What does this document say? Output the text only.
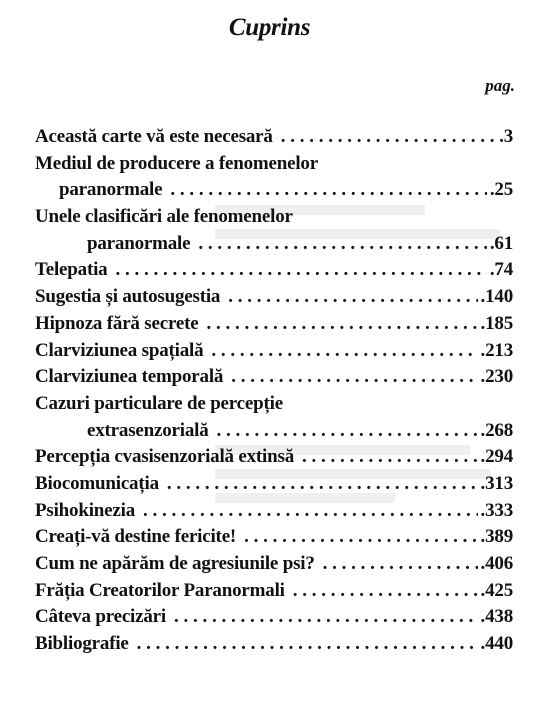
Cuprins
pag.
Această carte vă este necesară . . .	.3
Mediul de producere a fenomenelor
paranormale . . .	.25
Unele clasificări ale fenomenelor
paranormale . . .	.61
Telepatia . . .	.74
Sugestia și autosugestia . . .	.140
Hipnoza fără secrete . . .	.185
Clarviziunea spațială . . .	.213
Clarviziunea temporală . . .	.230
Cazuri particulare de percepție
extrasenzorială . . .	.268
Percepția cvasisenzorială extinsă . . .	.294
Biocomunicația . . .	.313
Psihokinezia . . .	.333
Creați-vă destine fericite! . . .	.389
Cum ne apărăm de agresiunile psi? . . .	.406
Frăția Creatorilor Paranormali . . .	.425
Câteva precizări . . .	.438
Bibliografie . . .	.440
